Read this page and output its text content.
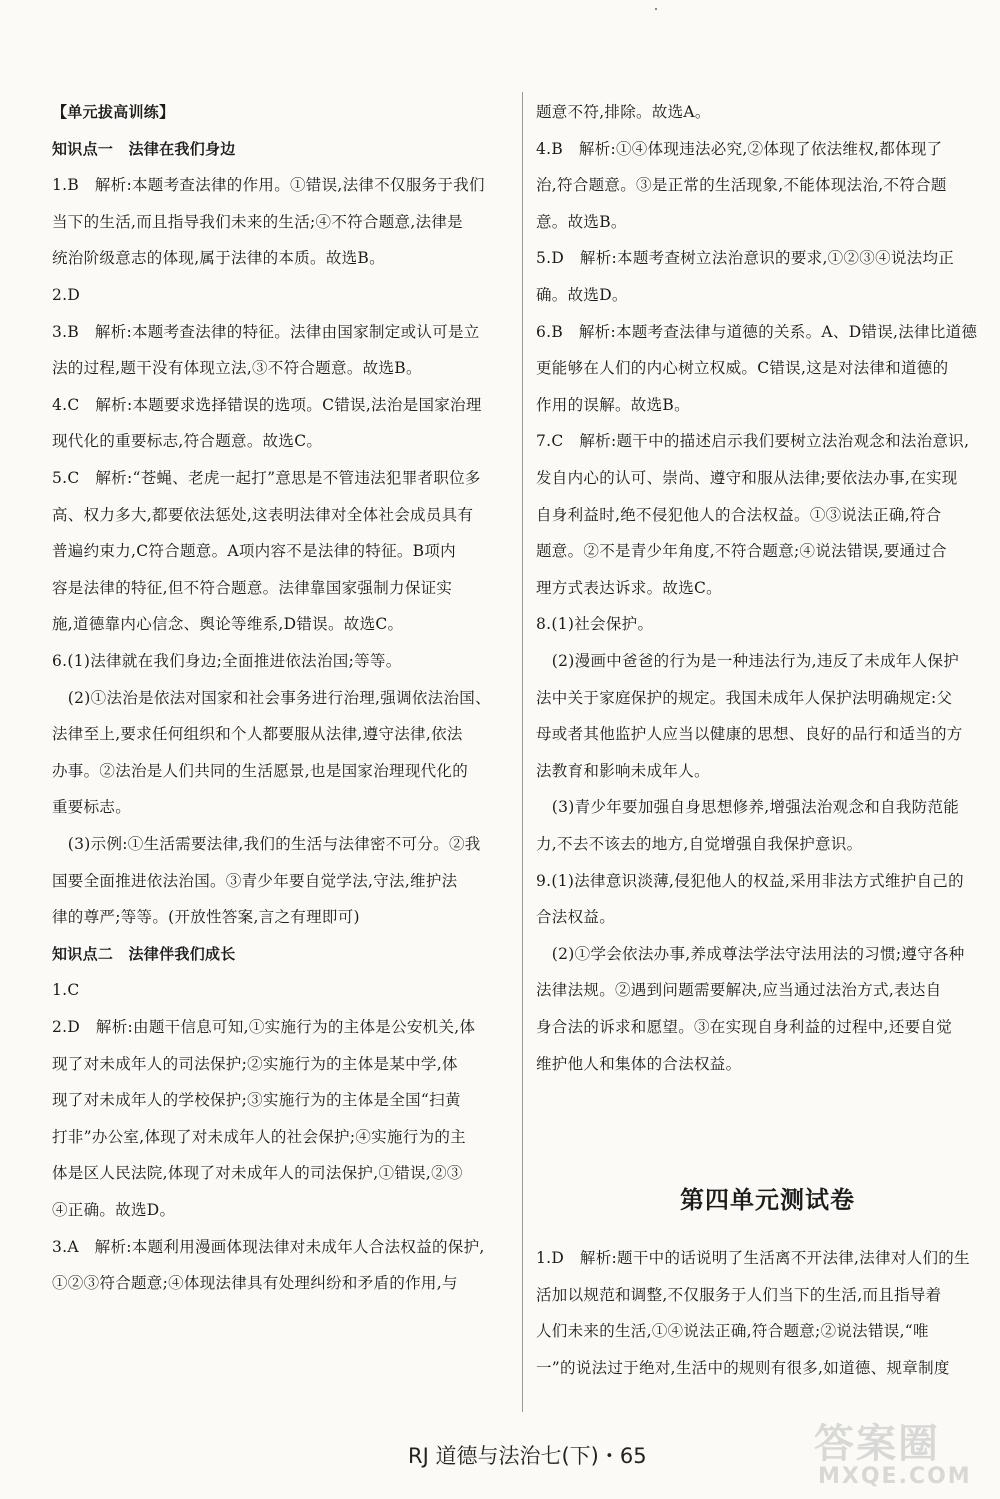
【单元拔高训练】
知识点一　法律在我们身边
1.B　解析:本题考查法律的作用。①错误,法律不仅服务于我们
当下的生活,而且指导我们未来的生活;④不符合题意,法律是
统治阶级意志的体现,属于法律的本质。故选B。
2.D
3.B　解析:本题考查法律的特征。法律由国家制定或认可是立
法的过程,题干没有体现立法,③不符合题意。故选B。
4.C　解析:本题要求选择错误的选项。C错误,法治是国家治理
现代化的重要标志,符合题意。故选C。
5.C　解析:“苍蝇、老虎一起打”意思是不管违法犯罪者职位多
高、权力多大,都要依法惩处,这表明法律对全体社会成员具有
普遍约束力,C符合题意。A项内容不是法律的特征。B项内
容是法律的特征,但不符合题意。法律靠国家强制力保证实
施,道德靠内心信念、舆论等维系,D错误。故选C。
6.(1)法律就在我们身边;全面推进依法治国;等等。
　(2)①法治是依法对国家和社会事务进行治理,强调依法治国、
法律至上,要求任何组织和个人都要服从法律,遵守法律,依法
办事。②法治是人们共同的生活愿景,也是国家治理现代化的
重要标志。
　(3)示例:①生活需要法律,我们的生活与法律密不可分。②我
国要全面推进依法治国。③青少年要自觉学法,守法,维护法
律的尊严;等等。(开放性答案,言之有理即可)
知识点二　法律伴我们成长
1.C
2.D　解析:由题干信息可知,①实施行为的主体是公安机关,体
现了对未成年人的司法保护;②实施行为的主体是某中学,体
现了对未成年人的学校保护;③实施行为的主体是全国“扫黄
打非”办公室,体现了对未成年人的社会保护;④实施行为的主
体是区人民法院,体现了对未成年人的司法保护,①错误,②③
④正确。故选D。
3.A　解析:本题利用漫画体现法律对未成年人合法权益的保护,
①②③符合题意;④体现法律具有处理纠纷和矛盾的作用,与
题意不符,排除。故选A。
4.B　解析:①④体现违法必究,②体现了依法维权,都体现了
治,符合题意。③是正常的生活现象,不能体现法治,不符合题
意。故选B。
5.D　解析:本题考查树立法治意识的要求,①②③④说法均正
确。故选D。
6.B　解析:本题考查法律与道德的关系。A、D错误,法律比道德
更能够在人们的内心树立权威。C错误,这是对法律和道德的
作用的误解。故选B。
7.C　解析:题干中的描述启示我们要树立法治观念和法治意识,
发自内心的认可、崇尚、遵守和服从法律;要依法办事,在实现
自身利益时,绝不侵犯他人的合法权益。①③说法正确,符合
题意。②不是青少年角度,不符合题意;④说法错误,要通过合
理方式表达诉求。故选C。
8.(1)社会保护。
　(2)漫画中爸爸的行为是一种违法行为,违反了未成年人保护
法中关于家庭保护的规定。我国未成年人保护法明确规定:父
母或者其他监护人应当以健康的思想、良好的品行和适当的方
法教育和影响未成年人。
　(3)青少年要加强自身思想修养,增强法治观念和自我防范能
力,不去不该去的地方,自觉增强自我保护意识。
9.(1)法律意识淡薄,侵犯他人的权益,采用非法方式维护自己的
合法权益。
　(2)①学会依法办事,养成尊法学法守法用法的习惯;遵守各种
法律法规。②遇到问题需要解决,应当通过法治方式,表达自
身合法的诉求和愿望。③在实现自身利益的过程中,还要自觉
维护他人和集体的合法权益。
1.D　解析:题干中的话说明了生活离不开法律,法律对人们的生
活加以规范和调整,不仅服务于人们当下的生活,而且指导着
人们未来的生活,①④说法正确,符合题意;②说法错误,“唯
一”的说法过于绝对,生活中的规则有很多,如道德、规章制度
第四单元测试卷
RJ 道德与法治七(下)・65	答案圈
MXQE.COM
